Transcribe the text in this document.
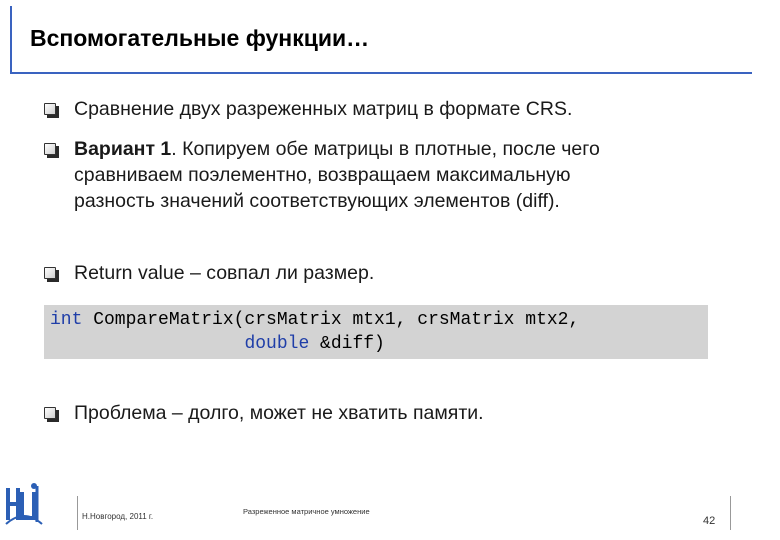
Вспомогательные функции…
Сравнение двух разреженных матриц в формате CRS.
Вариант 1. Копируем обе матрицы в плотные, после чего
сравниваем поэлементно, возвращаем максимальную
разность значений соответствующих элементов (diff).
Return value – совпал ли размер.
int CompareMatrix(crsMatrix mtx1, crsMatrix mtx2,
double &diff)
Проблема – долго, может не хватить памяти.
Н.Новгород, 2011 г.
Разреженное матричное умножение
42
